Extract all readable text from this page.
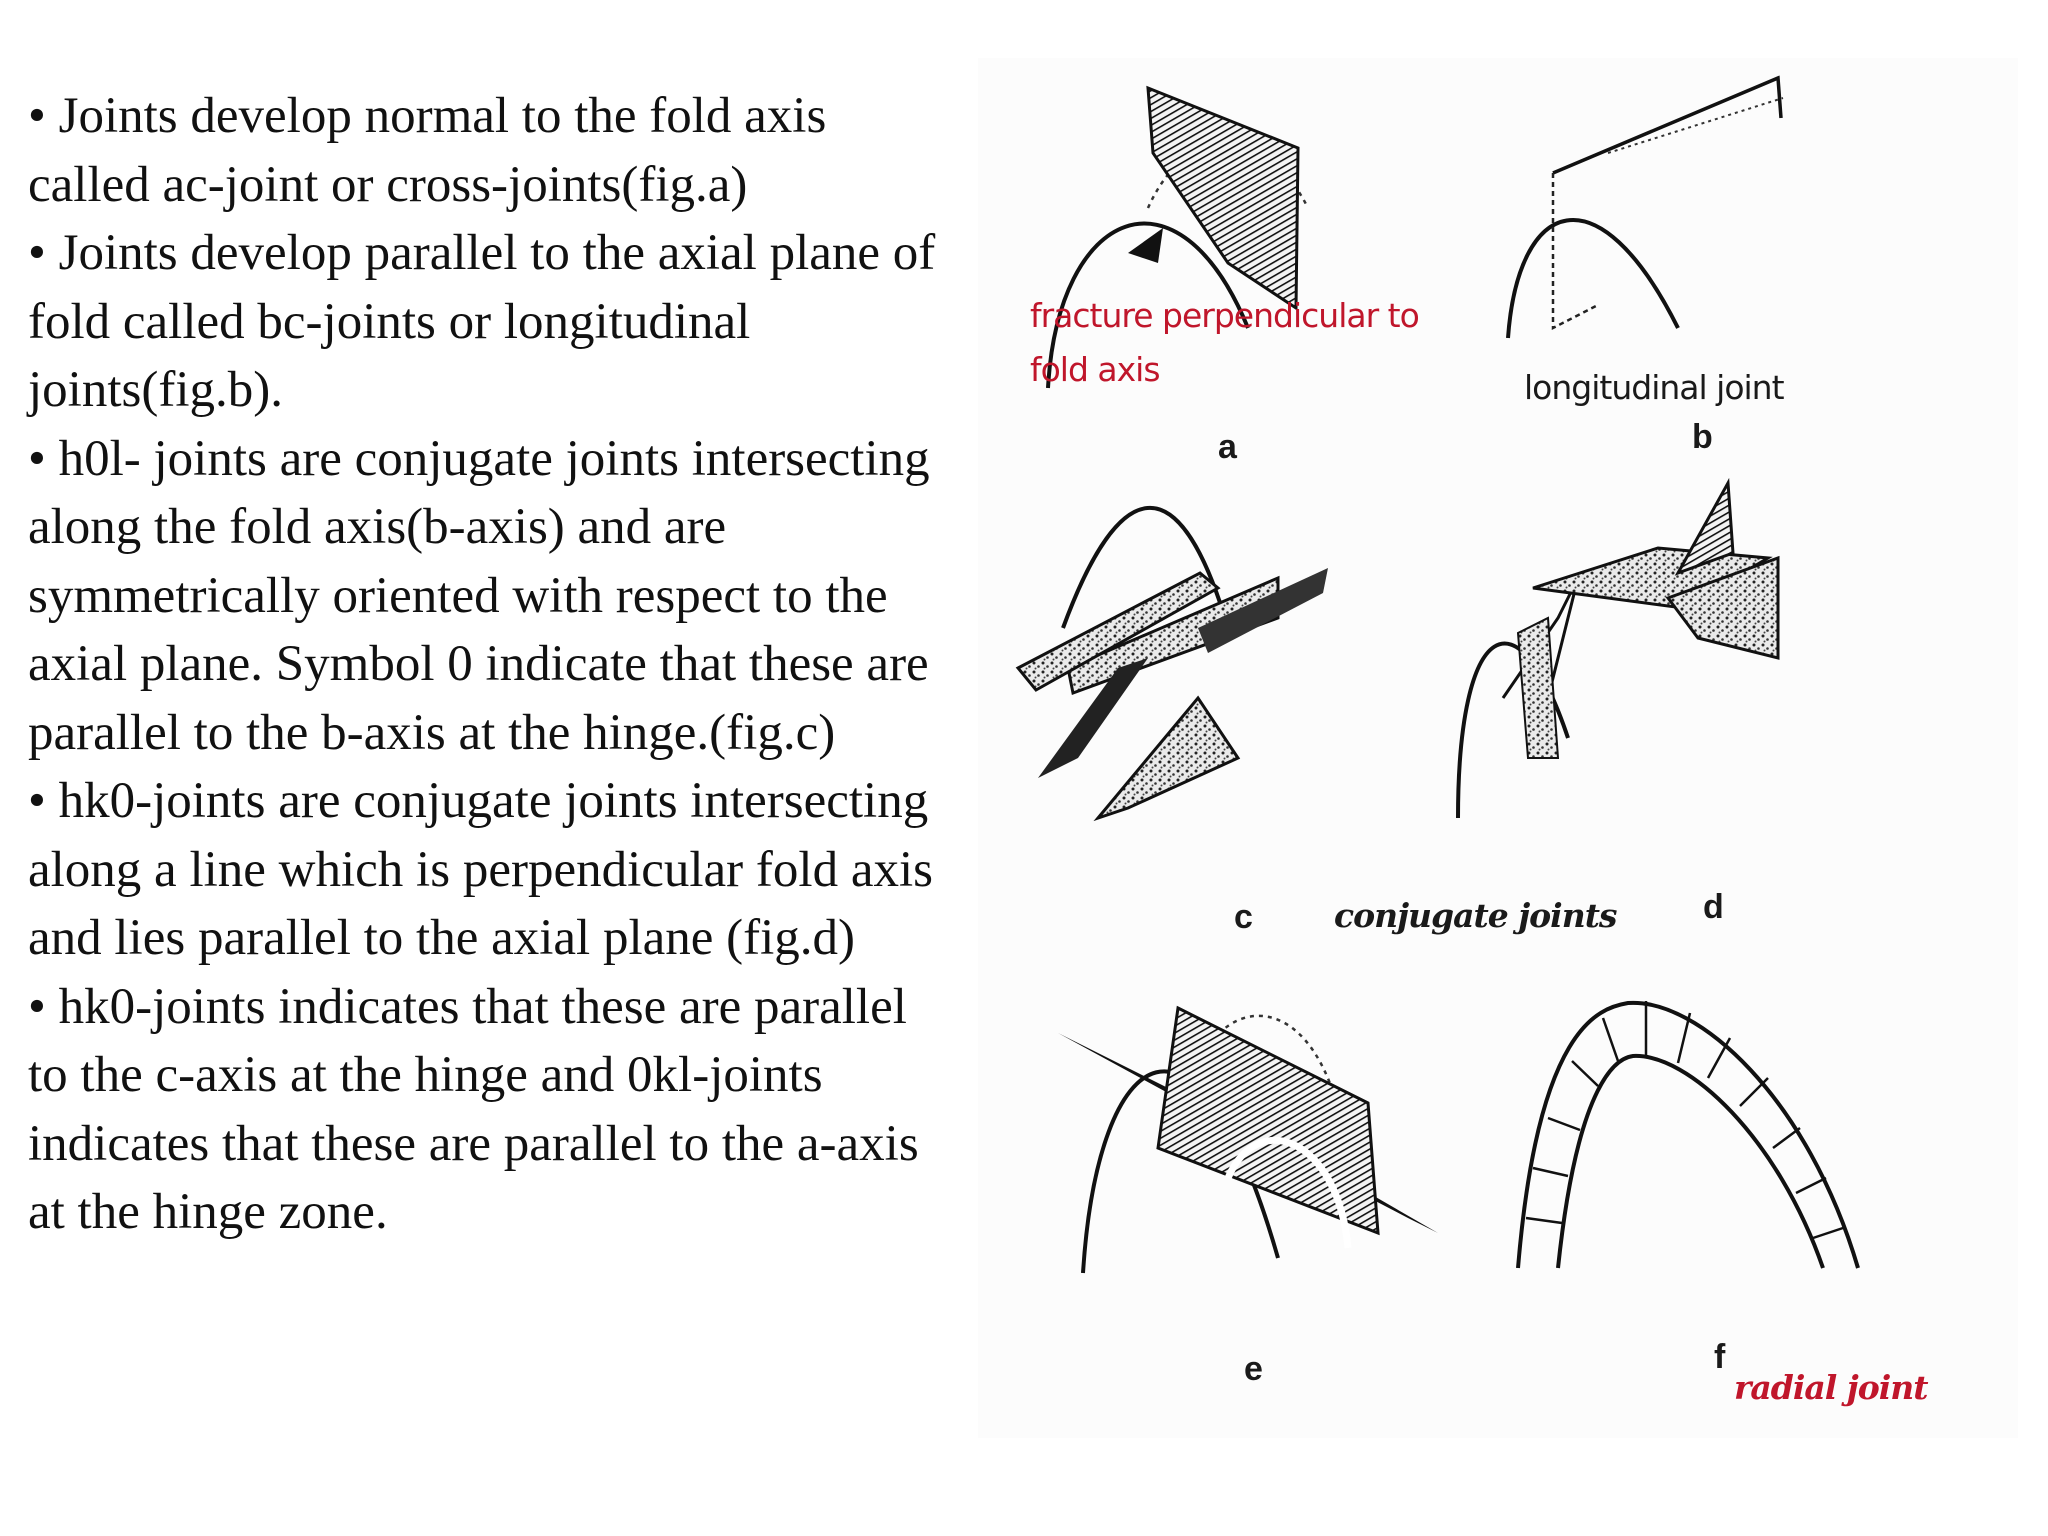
• Joints develop normal to the fold axis called ac-joint or cross-joints(fig.a)

• Joints develop parallel to the axial plane of fold called bc-joints or longitudinal joints(fig.b).

• h0l- joints are conjugate joints intersecting along the fold axis(b-axis) and are symmetrically oriented with respect to the axial plane. Symbol 0 indicate that these are parallel to the b-axis at the hinge.(fig.c)

• hk0-joints are conjugate joints intersecting along a line which is perpendicular fold axis and lies parallel to the axial plane (fig.d)

• hk0-joints indicates that these are parallel to the c-axis at the hinge and 0kl-joints indicates that these are parallel to the a-axis at the hinge zone.

a	b
c	d
e	f
fracture perpendicular to
fold axis	longitudinal joint
conjugate joints
radial joint
